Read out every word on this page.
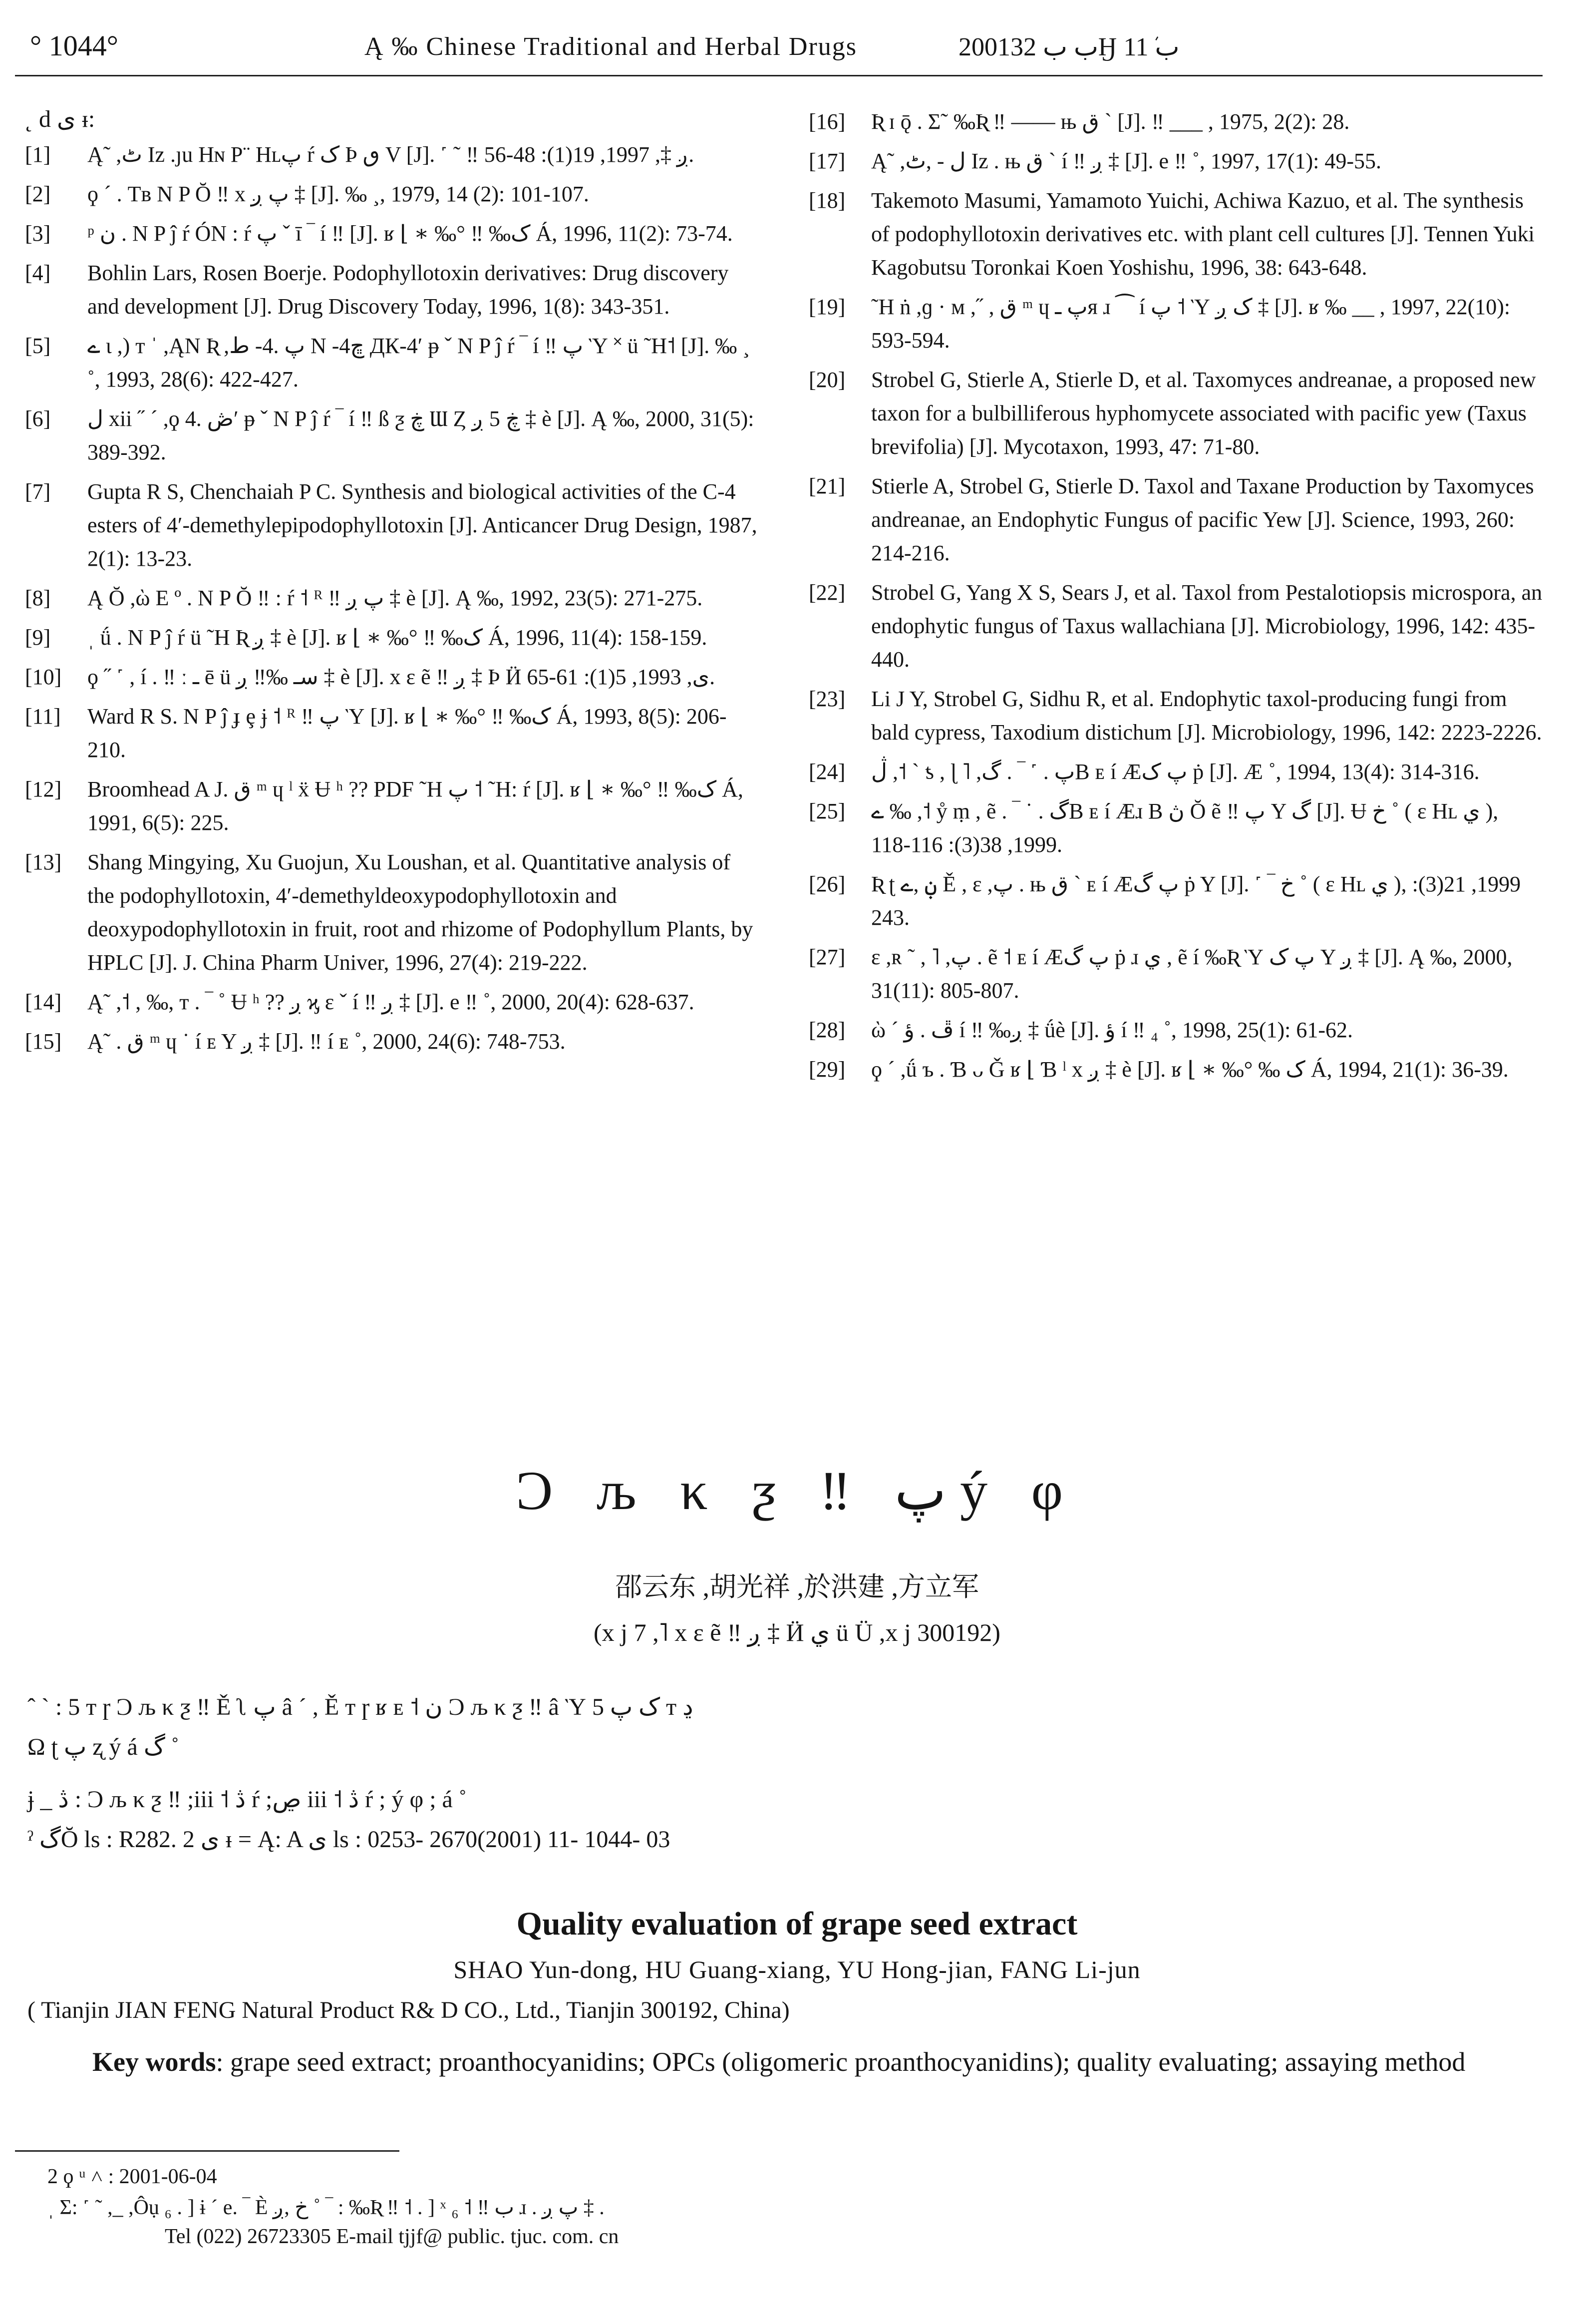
° 1044°	Ą ‰ Chinese Traditional and Herbal Drugs	2001ب ب 32Ӈ ب 11ܿ
˛ d ی ᵻ:
[1]	Ą˜ ,ٹ Iz .ȷu Hɴ P¨ Hʟپ ŕ ک Ϸ ٯ V [J]. ˹ ˜ ‼ ږ ‡, 1997, 19(1): 48-56.
[2]	ϙ ´ . Tʙ N P Ŏ ‼ x پ ږ ‡ [J]. ‰ ¸, 1979, 14 (2): 101-107.
[3]	ᵖ ن . N P ĵ ŕ ÓN : ŕ پ ˇ ī ‾ í ‼ [J]. ʁ ⌊ ∗ ‰° ‼ ‰ک Á, 1996, 11(2): 73-74.
[4]	Bohlin Lars, Rosen Boerje. Podophyllotoxin derivatives: Drug discovery and development [J]. Drug Discovery Today, 1996, 1(8): 343-351.
[5]	ے ι ,) т ˈ ,ĄΝ Ʀ ,پ .4- ط Ν -4ڇ ДК-4′ ᵽ ˇ N P ĵ ŕ ‾ í ‼ پ Ὺ ˟ ü ˜H˦ [J]. ‰ ¸ ˚, 1993, 28(6): 422-427.
[6]	ل xii ˝ ´ ,ϙ ڞ .4′ ᵽ ˇ N P ĵ ŕ ‾ í ‼ ß ƺ ڿ Ɯ Ȥ ڿ 5 ږ ‡ è [J]. Ą ‰, 2000, 31(5): 389-392.
[7]	Gupta R S, Chenchaiah P C. Synthesis and biological activities of the C-4 esters of 4′-demethylepipodophyllotoxin [J]. Anticancer Drug Design, 1987, 2(1): 13-23.
[8]	Ą Ŏ ,ὼ E º . N P Ŏ ‼ : ŕ ˦ ᴿ ‼ پ ږ ‡ è [J]. Ą ‰, 1992, 23(5): 271-275.
[9]	ˌ ǘ . N P ĵ ŕ ü ˜H Ʀ ږ ‡ è [J]. ʁ ⌊ ∗ ‰° ‼ ‰ک Á, 1996, 11(4): 158-159.
[10]	ϙ ˝ ˹ , í . ‼ ː ـ ē ü سـ ‰‼ ږ ‡ è [J]. x ɛ ẽ ‼ ږ ‡ Ϸ Ӥ ی, 1993, 5(1): 61-65.
[11]	Ward R S. N P ĵ ɟ ȩ ɉ ˦ ᴿ ‼ پ Ὺ [J]. ʁ ⌊ ∗ ‰° ‼ ‰ک Á, 1993, 8(5): 206-210.
[12]	Broomhead A J. ق ᵐ ɥ ˡ ẍ Ʉ ʰ ?? PDF ˜H پ ˦ ˜H: ŕ [J]. ʁ ⌊ ∗ ‰° ‼ ‰ک Á, 1991, 6(5): 225.
[13]	Shang Mingying, Xu Guojun, Xu Loushan, et al. Quantitative analysis of the podophyllotoxin, 4′-demethyldeoxypodophyllotoxin and deoxypodophyllotoxin in fruit, root and rhizome of Podophyllum Plants, by HPLC [J]. J. China Pharm Univer, 1996, 27(4): 219-222.
[14]	Ą˜ ,˦ , ‰, т . ‾ ˚ Ʉ ʰ ?? ږ ϗ ɛ ˇ í ‼ ږ ‡ [J]. e ‼ ˚, 2000, 20(4): 628-637.
[15]	Ą˜ . ق ᵐ ɥ ˙ í ᴇ Y ږ ‡ [J]. ‼ í ᴇ ˚, 2000, 24(6): 748-753.
[16]	Ʀ ɪ ǭ . Σ˜ ‰Ʀ ‼ —— њ ق ˋ [J]. ‼ ___ , 1975, 2(2): 28.
[17]	Ą˜ ,ل - ,ٹ Iz . њ ق ˋ í ‼ ږ ‡ [J]. e ‼ ˚, 1997, 17(1): 49-55.
[18]	Takemoto Masumi, Yamamoto Yuichi, Achiwa Kazuo, et al. The synthesis of podophyllotoxin derivatives etc. with plant cell cultures [J]. Tennen Yuki Kagobutsu Toronkai Koen Yoshishu, 1996, 38: 643-648.
[19]	˜H ṅ ,ɡ · ᴍ ,˝ , ق ᵐ ɥ پ ـᴙ ɹ ⁀ í پ ˦ Ὺ ک ږ ‡ [J]. ʁ ‰ __ , 1997, 22(10): 593-594.
[20]	Strobel G, Stierle A, Stierle D, et al. Taxomyces andreanae, a proposed new taxon for a bulbilliferous hyphomycete associated with pacific yew (Taxus brevifolia) [J]. Mycotaxon, 1993, 47: 71-80.
[21]	Stierle A, Strobel G, Stierle D. Taxol and Taxane Production by Taxomyces andreanae, an Endophytic Fungus of pacific Yew [J]. Science, 1993, 260: 214-216.
[22]	Strobel G, Yang X S, Sears J, et al. Taxol from Pestalotiopsis microspora, an endophytic fungus of Taxus wallachiana [J]. Microbiology, 1996, 142: 435-440.
[23]	Li J Y, Strobel G, Sidhu R, et al. Endophytic taxol-producing fungi from bald cypress, Taxodium distichum [J]. Microbiology, 1996, 142: 2223-2226.
[24]	ڷ ,˦ ˋ ƾ , ɭ ˥ ,پ . ˹ ‾ . گB ᴇ í Æپ ک ṗ [J]. Æ ˚, 1994, 13(4): 314-316.
[25]	ے ‰ ,˦ ẙ ṃ , ẽ . ‾ ˙ . گB ᴇ í Æɹ B ڽ Ŏ ẽ ‼ پ Y گ [J]. Ʉ خ ˚ ( ɛ Hʟ ي ), 1999, 38(3): 116-118.
[26]	Ʀ ʈ ڹ ,ے Ě , ɛ ,پ . њ ق ˋ ᴇ í Æپ گ ṗ Y [J]. ˹ ‾ خ ˚ ( ɛ Hʟ ي ), 1999, 21(3): 243.
[27]	ɛ ,ʀ ˜ , ˥ ,پ . ẽ ˦ ᴇ í Æپ گ ṗ ɹ ي , ẽ í ‰Ʀ Ὺ پ ک Y ږ ‡ [J]. Ą ‰, 2000, 31(11): 805-807.
[28]	ὼ ´ ڦ . ؤ í ‼ ‰ږ ‡ ǘè [J]. ؤ í ‼ ₄ ˚, 1998, 25(1): 61-62.
[29]	ϙ ´ ,ǘ ъ . Ɓ ᴗ Ǧ ʁ ⌊ Ɓ ˡ x ږ ‡ è [J]. ʁ ⌊ ∗ ‰° ‰ ک Á, 1994, 21(1): 36-39.
Ͻ љ κ ƺ ‼ پ ý φ
邵云东 ,胡光祥 ,於洪建 ,方立军
(x j 7 ,˥ x ɛ ẽ ‼ ږ ‡ Ӥ ي ü Ü ,x j 300192)
ˆ ˋ : 5 т ɼ Ͻ љ κ ƺ ‼ Ě ʅ پ â ´ , Ě т ɼ ʁ ᴇ ˦ ن Ͻ љ κ ƺ ‼ â Ὺ ک پ 5 т ڍ
Ω ʈ پ ʐ ý á گ ˚
ɉ _ ڎ : Ͻ љ κ ƺ ‼ ;iii ˦ ڎ ŕ ;ڝ iii ˦ ڎ ŕ ; ý φ ; á ˚
ˀ گŎ ls : R282. 2 ی ᵻ = Ą: A ی ls : 0253- 2670(2001) 11- 1044- 03
Quality evaluation of grape seed extract
SHAO Yun-dong, HU Guang-xiang, YU Hong-jian, FANG Li-jun
( Tianjin JIAN FENG Natural Product R& D CO., Ltd., Tianjin 300192, China)
Key words: grape seed extract; proanthocyanidins; OPCs (oligomeric proanthocyanidins); quality evaluating; assaying method
2 ϙ ᵘ ˄ : 2001-06-04
ˌ Σ: ˹ ˜ ,_ ,Ôụ ₆ . ] ɨ ´ e. ‾ È خ ,ږ ˚ ‾ : ‰Ʀ ‼ ˦ . ] ˣ ب ‼ ˦ ₆ ɹ . پ ږ ‡ .
Tel (022) 26723305 E-mail tjjf@ public. tjuc. com. cn
